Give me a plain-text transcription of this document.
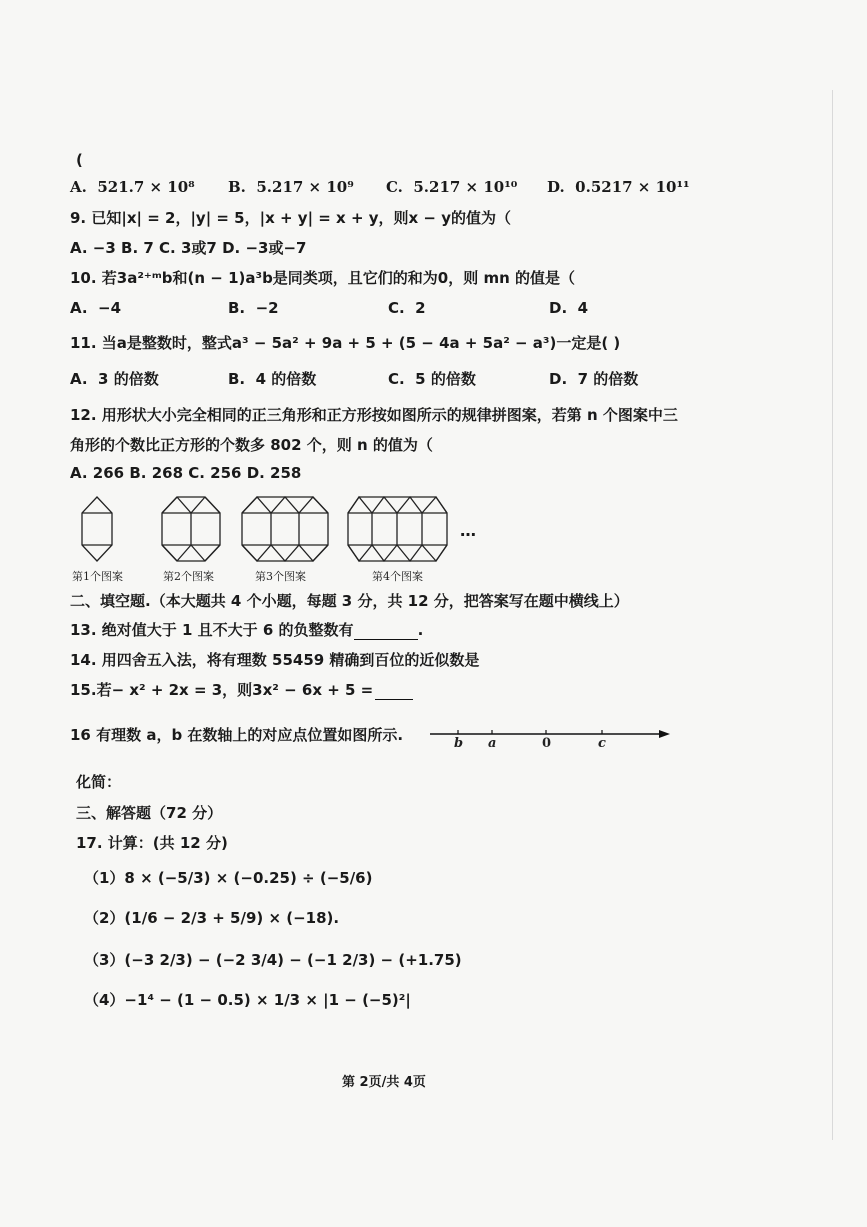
(
A. 521.7 × 10⁸ B. 5.217 × 10⁹ C. 5.217 × 10¹⁰ D. 0.5217 × 10¹¹
9. 已知|x| = 2，|y| = 5，|x + y| = x + y，则x − y的值为（
A. −3 B. 7 C. 3或7 D. −3或−7
10. 若3a²⁺ᵐb和(n − 1)a³b是同类项，且它们的和为0，则 mn 的值是（
A. −4	B. −2	C. 2	D. 4
11. 当a是整数时，整式a³ − 5a² + 9a + 5 + (5 − 4a + 5a² − a³)一定是( )
A. 3 的倍数	B. 4 的倍数	C. 5 的倍数	D. 7 的倍数
12. 用形状大小完全相同的正三角形和正方形按如图所示的规律拼图案，若第 n 个图案中三
角形的个数比正方形的个数多 802 个，则 n 的值为（
A. 266 B. 268 C. 256 D. 258
…
第1个图案	第2个图案	第3个图案	第4个图案
二、填空题.（本大题共 4 个小题，每题 3 分，共 12 分，把答案写在题中横线上）
13. 绝对值大于 1 且不大于 6 的负整数有	.
14. 用四舍五入法，将有理数 55459 精确到百位的近似数是
15.若− x² + 2x = 3，则3x² − 6x + 5 =
16 有理数 a，b 在数轴上的对应点位置如图所示.	b a	0	c
化简：
三、解答题（72 分）
17. 计算：(共 12 分)
（1）8 × (−5/3) × (−0.25) ÷ (−5/6)
（2）(1/6 − 2/3 + 5/9) × (−18).
（3）(−3 2/3) − (−2 3/4) − (−1 2/3) − (+1.75)
（4）−1⁴ − (1 − 0.5) × 1/3 × |1 − (−5)²|
第 2页/共 4页
